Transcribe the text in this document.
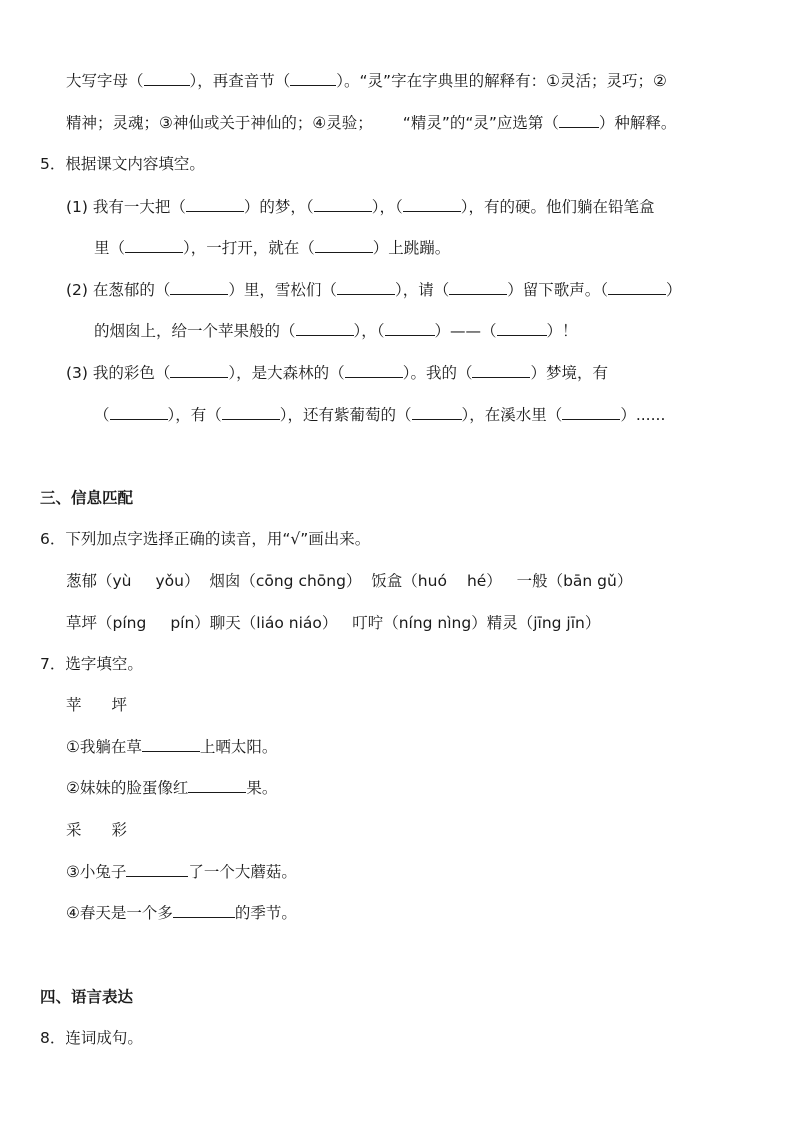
大写字母（	），再查音节（	）。“灵”字在字典里的解释有：①灵活；灵巧；②
精神；灵魂；③神仙或关于神仙的；④灵验； “精灵”的“灵”应选第（	）种解释。
5．根据课文内容填空。
(1) 我有一大把（	）的梦，（	），（	），有的硬。他们躺在铅笔盒
里（	），一打开，就在（	）上跳蹦。
(2) 在葱郁的（	）里，雪松们（	），请（	）留下歌声。（	）
的烟囱上，给一个苹果般的（	），（	）——（	）！
(3) 我的彩色（	），是大森林的（	）。我的（	）梦境，有
（	），有（	），还有紫葡萄的（	），在溪水里（	）......
三、信息匹配
6．下列加点字选择正确的读音，用“√”画出来。
葱郁（yù yǒu） 烟囱（cōng chōng） 饭盒（huó hé） 一般（bān gǔ）
草坪（píng pín）聊天（liáo niáo） 叮咛（níng nìng）精灵（jīng jīn）
7．选字填空。
苹 坪
①我躺在草	上晒太阳。
②妹妹的脸蛋像红	果。
采 彩
③小兔子	了一个大蘑菇。
④春天是一个多	的季节。
四、语言表达
8．连词成句。
